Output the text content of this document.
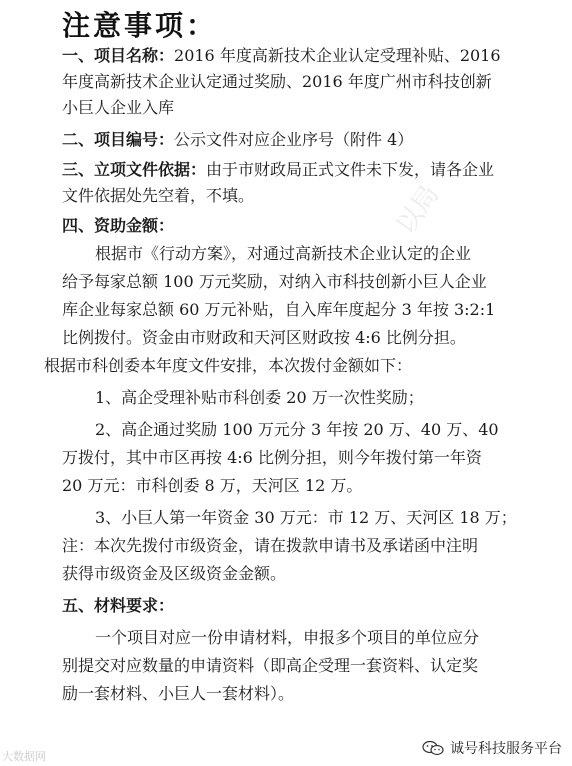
注意事项：
一、项目名称：2016 年度高新技术企业认定受理补贴、2016
年度高新技术企业认定通过奖励、2016 年度广州市科技创新
小巨人企业入库
二、项目编号：公示文件对应企业序号（附件 4）
三、立项文件依据：由于市财政局正式文件未下发，请各企业
文件依据处先空着，不填。
四、资助金额：
根据市《行动方案》，对通过高新技术企业认定的企业
给予每家总额 100 万元奖励，对纳入市科技创新小巨人企业
库企业每家总额 60 万元补贴，自入库年度起分 3 年按 3:2:1
比例拨付。资金由市财政和天河区财政按 4:6 比例分担。
根据市科创委本年度文件安排，本次拨付金额如下：
1、高企受理补贴市科创委 20 万一次性奖励；
2、高企通过奖励 100 万元分 3 年按 20 万、40 万、40
万拨付，其中市区再按 4:6 比例分担，则今年拨付第一年资
20 万元：市科创委 8 万，天河区 12 万。
3、小巨人第一年资金 30 万元：市 12 万、天河区 18 万；
注：本次先拨付市级资金，请在拨款申请书及承诺函中注明
获得市级资金及区级资金金额。
五、材料要求：
一个项目对应一份申请材料，申报多个项目的单位应分
别提交对应数量的申请资料（即高企受理一套资料、认定奖
励一套材料、小巨人一套材料）。
以局
大数据网	诚号科技服务平台
